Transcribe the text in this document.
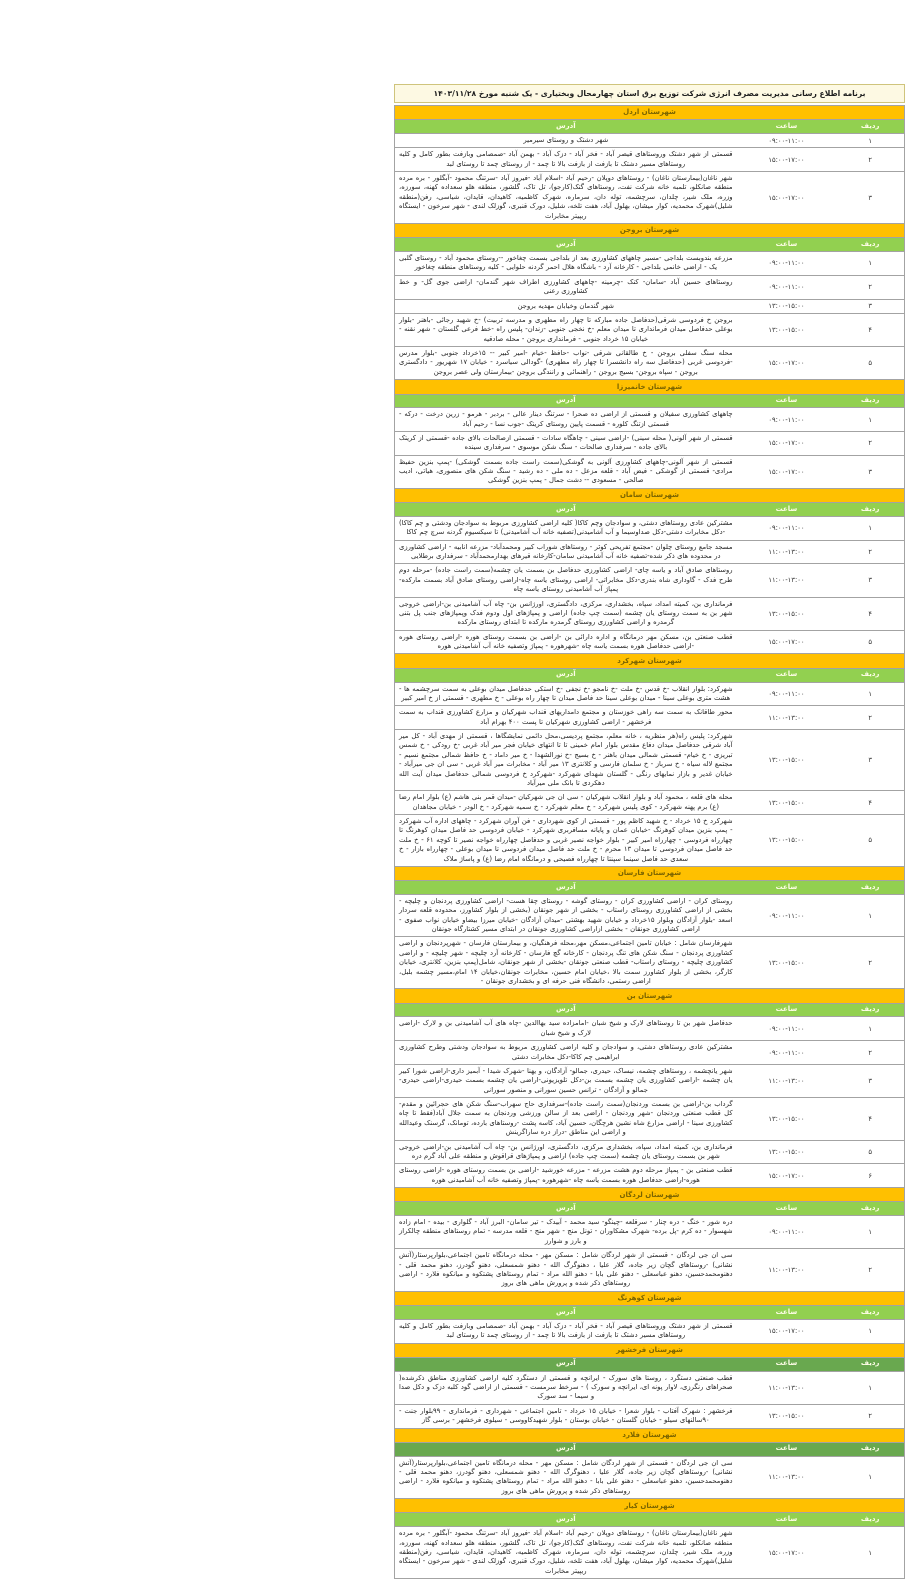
برنامه اطلاع رسانی مدیریت مصرف انرژی شرکت توزیع برق استان چهارمحال وبختیاری - یک شنبه مورخ ۱۴۰۳/۱۱/۲۸
شهرستان اردل
ردیف
ساعت
آدرس
۱
۰۹:۰۰-۱۱:۰۰
شهر دشتک و روستای سیرمیر
۲
۱۵:۰۰-۱۷:۰۰
قسمتی از شهر دشتک وروستاهای قیصر آباد - فخر آباد - دزک آباد - بهمن آباد -صمصامی وبازفت بطور کامل و کلیه روستاهای مسیر دشتک تا بازفت از بازفت بالا تا چمد - از روستای چمد تا روستای لبد
۳
۱۵:۰۰-۱۷:۰۰
شهر ناغان(بیمارستان ناغان) - روستاهای دوپلان -رحیم آباد -اسلام آباد -فیروز آباد -سرتنگ محمود -آبگلور - بره مرده منطقه صانکلو، تلمبه خانه شرکت نفت، روستاهای گتک(کارجو)، تل تاک، گلشور، منطقه هلو سعداده کهنه، سورزه، وزره، ملک شیر، چلدان، سرچشمه، توله دان، سرماره، شهرک کاظمیه، کاهیدان، قایدان، شیاسی، رفن(منطقه شلیل)شهرک محمدیه، کوار میشان، بهلول آباد، هفت تلخه، شلیل، دورک قنبری، گوزلک لندی - شهر سرخون - ایستگاه ریپیتر مخابرات
شهرستان بروجن
ردیف
ساعت
آدرس
۱
۰۹:۰۰-۱۱:۰۰
مزرعه بندوبست بلداجی -مسیر چاههای کشاورزی بعد از بلداجی بسمت چغاخور --روستای محمود آباد - روستای گلبی یک - اراضی خانمی بلداجی - کارخانه آرد - باشگاه هلال احمر گردنه حلوایی - کلیه روستاهای منطقه چغاخور
۲
۰۹:۰۰-۱۱:۰۰
روستاهای حسین آباد -سامان- کنک -چرمینه -چاههای کشاورزی اطراف شهر گندمان- اراضی جوی گل- و خط کشاورزی رعنی
۳
۱۳:۰۰-۱۵:۰۰
شهر گندمان وخیابان مهدیه بروجن
۴
۱۳:۰۰-۱۵:۰۰
بروجن خ فردوسی شرقی(حدفاصل جاده مبارکه تا چهار راه مطهری و مدرسه تربیت) -خ شهید رجائی -باهنر -بلوار بوعلی حدفاصل میدان فرمانداری تا میدان معلم -خ نخجی جنوبی -زندان- پلیس راه -خط فرعی گلستان - شهر نقنه - خیابان ۱۵ خرداد جنوبی - فرمانداری بروجن - محله صادقیه
۵
۱۵:۰۰-۱۷:۰۰
محله سنگ سفلی بروجن - خ طالقانی شرقی -نواب -حافظ -خیام -امیر کبیر -- ۱۵خرداد جنوبی -بلوار مدرس -فردوسی غربی (حدفاصل سه راه دانشسرا تا چهار راه مطهری) -گودالی سیاسرد - خیابان ۱۷ شهریور - دادگستری بروجن - سپاه بروجن- بسیج بروجن - راهنمائی و رانندگی بروجن -بیمارستان ولی عصر بروجن
شهرستان خانمیرزا
ردیف
ساعت
آدرس
۱
۰۹:۰۰-۱۱:۰۰
چاههای کشاورزی سفیلان و قسمتی از اراضی ده صحرا - سرتنگ دینار عالی - بردبر - هرمو - زرین درخت - درکه - قسمتی ازتنگ کلوره - قسمت پایین روستای کریتک -جوب نسا - رحیم آباد
۲
۱۵:۰۰-۱۷:۰۰
قسمتی از شهر آلونی( محله سینی) -اراضی سینی - چاهگاه سادات - قسمتی ازصالحات بالای جاده -قسمتی از کریتک بالای جاده - سرفداری صالحات - سنگ شکن موسوی - سرفداری سینده
۳
۱۵:۰۰-۱۷:۰۰
قسمتی از شهر آلونی-چاههای کشاورزی آلونی به گوشکی(سمت راست جاده بسمت گوشکی) -پمپ بنزین حفیظ مرادی- قسمتی از گوشکی - فیض آباد - قلعه مزعل - ده ملی - ده رشید - سنگ شکن های منصوری، هیاتی، ادیب صالحی - مسعودی -- دشت جمال - پمپ بنزین گوشکی
شهرستان سامان
ردیف
ساعت
آدرس
۱
۰۹:۰۰-۱۱:۰۰
مشترکین عادی روستاهای دشتی، و سوادجان وچم کاکا( کلیه اراضی کشاورزی مربوط به سوادجان ودشتی و چم کاکا) -دکل مخابرات دشتی-دکل صداوسیما و آب آشامیدنی(تصفیه خانه آب آشامیدنی) تا سیکسیوم گردنه سرچ چم کاکا
۲
۱۱:۰۰-۱۳:۰۰
مسجد جامع روستای چلوان -مجتمع تفریحی کوثر - روستاهای شوراب کبیر ومحمدآباد- مزرعه انابیه - اراضی کشاورزی در محدوده های ذکر شده-تصفیه خانه آب آشامیدنی سامان-کارخانه قیرهای بهدارمحمدآباد - سرفداری برطلایی
۳
۱۱:۰۰-۱۳:۰۰
روستاهای صادق آباد و یاسه چای- اراضی کشاورزی حدفاصل بن بسمت یان چشمه(سمت راست جاده) -مرحله دوم طرح فدک - گاوداری شاه بندری-دکل مخابراتی- اراضی روستای یاسه چاه-اراضی روستای صادق آباد بسمت مارکده- پمپاژ آب آشامیدنی روستای یاسه چاه
۴
۱۳:۰۰-۱۵:۰۰
فرمانداری بن، کمیته امداد، سپاه، بخشداری، مرکزی، دادگستری، اورژانس بن- چاه آب آشامیدنی بن-اراضی خروجی شهر بن به سمت روستای یان چشمه (سمت چپ جاده) اراضی و پمپاژهای اول ودوم فدک وپمپاژهای جنب پل بتنی گرمدره و اراضی کشاورزی روستای گرمدره مارکده تا ابتدای روستای مارکده
۵
۱۵:۰۰-۱۷:۰۰
قطب صنعتی بن، مسکن مهر درمانگاه و اداره دارائی بن -اراضی بن بسمت روستای هوره -اراضی روستای هوره -اراضی حدفاصل هوره بسمت یاسه چاه -شهرهوره - پمپاژ وتصفیه خانه آب آشامیدنی هوره
شهرستان شهرکرد
ردیف
ساعت
آدرس
۱
۰۹:۰۰-۱۱:۰۰
شهرکرد: بلوار انقلاب -خ قدس -خ ملت -خ نامجو -خ نجفی -خ استکی حدفاصل میدان بوعلی به سمت سرچشمه ها - هشت متری بوعلی سینا - میدان بوعلی سینا حد فاصل میدان تا چهار راه بوعلی - خ مطهری - قسمتی از خ امیر کبیر
۲
۱۱:۰۰-۱۳:۰۰
محور طاقانک به سمت سه راهی خوزستان و مجتمع دامداریهای قنداب شهرکیان و مزارع کشاورزی قنداب به سمت فرخشهر - اراضی کشاورزی شهرکیان تا پست ۴۰۰ بهرام آباد
۳
۱۳:۰۰-۱۵:۰۰
شهرکرد: پلیس راه(هر منظریه ، خانه معلم، مجتمع پردیسی،محل دائمی نمایشگاها ، قسمتی از مهدی آباد - کل میر آباد شرقی حدفاصل میدان دفاع مقدس بلوار امام خمینی تا تا انتهای خیابان فجر میر آباد غربی -خ رودکی - خ شمس تبریزی - خ خیام- قسمتی شمالی میدان باهنر - خ بسیج -خ نورالشهدا - خ میر داماد - خ حافظ شمالی مجتمع نسیم - مجتمع لاله سیاه - خ سرباز - خ سلمان فارسی و کلانتری ۱۳ میر آباد - مخابرات میر آباد غربی - سی ان جی میرآباد - خیابان غدیر و بازار نمایهای رنگی - گلستان شهدای شهرکرد -شهرکرد خ فردوسی شمالی حدفاصل میدان آیت الله دهکردی تا بانک ملی میرآباد
۴
۱۳:۰۰-۱۵:۰۰
محله های قلعه ، محمود آباد و بلوار انقلاب شهرکیان - سی ان جی شهرکیان -میدان قمر بنی هاشم (ع) بلوار امام رضا (ع) برم پهنه شهرکرد - کوی پلیس شهرکرد - خ معلم شهرکرد - خ سمیه شهرکرد - خ الودر - خیابان مجاهدان
۵
۱۳:۰۰-۱۵:۰۰
شهرکرد خ ۱۵ خرداد - خ شهید کاظم پور - قسمتی از کوی شهرداری - فن آوران شهرکرد - چاههای اداره آب شهرکرد - پمپ بنزین میدان کوهرنگ -خیابان عمان و پایانه مسافربری شهرکرد - خیابان فردوسی حد فاصل میدان کوهرنگ تا چهارراه فردوسی - چهارراه امیر کبیر - بلوار خواجه نصیر غربی و حدفاصل چهارراه خواجه نصیر تا کوچه ۶۱ - خ ملت حد فاصل میدان فردوسی تا میدان ۱۳ محرم - خ ملت حد فاصل میدان فردوسی تا میدان بوعلی - چهارراه بازار - خ سعدی حد فاصل سینما سپنتا تا چهارراه فصیحی و درمانگاه امام رضا (ع) و پاساژ ملاک
شهرستان فارسان
ردیف
ساعت
آدرس
۱
۰۹:۰۰-۱۱:۰۰
روستای کران - اراضی کشاورزی کران - روستای گوشه - روستای چقا هست- اراضی کشاورزی پردنجان و چلیچه - بخشی از اراضی کشاورزی روستای راستاب - بخشی از شهر جونقان (بخشی از بلوار کشاورز، محدوده قلعه سردار اسعد -بلوار آزادگان وبلوار ۱۵خرداد و خیابان شهید بهشتی -میدان آزادگان -خیابان میرزا بیضاو خیابان نواب صفوی - اراضی کشاورزی جونقان - بخشی ازاراضی کشاورزی جونقان در ابتدای مسیر کشتارگاه جونقان
۲
۱۳:۰۰-۱۵:۰۰
شهرفارسان شامل : خیابان تامین اجتماعی،مسکن مهر،محله فرهنگیان، و بیمارستان فارسان - شهرپردنجان و اراضی کشاورزی پردنجان - سنگ شکن های تنگ پردنجان - کارخانه گچ فارسان - کارخانه آرد چلیچه - شهر چلیچه - و اراضی کشاورزی چلیچه - روستای راستاب- قطب صنعتی جونقان -بخشی از شهر جونقان، شامل(پمپ بنزین، کلانتری، خیابان کارگر، بخشی از بلوار کشاورز سمت بالا ،خیابان امام حسین، مخابرات جونقان،خیابان ۱۴ امام،مسیر چشمه بلبل، اراضی رستمی، دانشگاه فنی حرفه ای و بخشداری جونقان -
شهرستان بن
ردیف
ساعت
آدرس
۱
۰۹:۰۰-۱۱:۰۰
حدفاصل شهر بن تا روستاهای لارک و شیخ شبان -امامزاده سید بهاالدین -چاه های آب آشامیدنی بن و لارک -اراضی لارک و شیخ شبان
۲
۰۹:۰۰-۱۱:۰۰
مشترکین عادی روستاهای دشتی، و سوادجان و کلیه اراضی کشاورزی مربوط به سوادجان ودشتی وطرح کشاورزی ابراهیمی چم کاکا-دکل مخابرات دشتی
۳
۱۱:۰۰-۱۳:۰۰
شهر یانچشمه ، روستاهای چشمه، نیساک، حیدری، جمالو- آزادگان، و یهنا -شهرک شیدا - آبمیز داری-اراضی شورا کبیر یان چشمه -اراضی کشاورزی یان چشمه بسمت بن-دکل تلویزیونی-اراضی یان چشمه بسمت حیدری-اراضی حیدری- جمالو و آزادگان - ترانس حسین سورانی و منصور سورانی
۴
۱۳:۰۰-۱۵:۰۰
گرداب بن-اراضی بن بسمت وردنجان(سمت راست جاده)-سرفداری حاج سهراب-سنگ شکن های حجرائین و مقدم- کل قطب صنعتی وردنجان -شهر وردنجان - اراضی بعد از سالن ورزشی وردنجان به سمت جلال آباد(فقط تا چاه کشاورزی سینا - اراضی مزارع شاه نشین هرچگان، حسین آباد، کاسه پشت -روستاهای بارده، تومانک، گرسنک وعیدالله و اراضی این مناطق -دراز دره ساراگرینش
۵
۱۳:۰۰-۱۵:۰۰
فرمانداری بن، کمیته امداد، سپاه، بخشداری مرکزی، دادگستری، اورژانس بن- چاه آب آشامیدنی بن-اراضی خروجی شهر بن بسمت روستای یان چشمه (سمت چپ جاده) اراضی و پمپاژهای قراقوش و منطقه علی آباد گرم دره
۶
۱۵:۰۰-۱۷:۰۰
قطب صنعتی بن - پمپاژ مرحله دوم هشت مزرعه - مزرعه خورشید -اراضی بن بسمت روستای هوره -اراضی روستای هوره-اراضی حدفاصل هوره بسمت یاسه چاه -شهرهوره -پمپاژ وتصفیه خانه آب آشامیدنی هوره
شهرستان لردگان
ردیف
ساعت
آدرس
۱
۰۹:۰۰-۱۱:۰۰
دره شور - خنگ - دره چنار - سرقلعه -چینگو- سید محمد - آبیدک - تیر سامان- البرز آباد - گلواری - بیده - امام زاده شهسوار - ده کرم -پل برده- شهرک مشکاوران - تونل منج - شهر منج - قلعه مدرسه - تمام روستاهای منطقه چالکراز و بارز و شوارز
۲
۱۱:۰۰-۱۳:۰۰
سی ان جی لردگان - قسمتی از شهر لردگان شامل : مسکن مهر - محله درمانگاه تامین اجتماعی،بلوارپرستار(آتش نشانی) -روستاهای گچان زیر جاده، گلار علیا ، دهنوگرگ الله - دهنو شمسعلی، دهنو گودرز، دهنو محمد قلی - دهنومحمدحسین، دهنو عباسعلی - دهنو علی بابا - دهنو الله مراد - تمام روستاهای پشتکوه و میانکوه فلارد - اراضی روستاهای ذکر شده و پرورش ماهی های بروز
شهرستان کوهرنگ
ردیف
ساعت
آدرس
۱
۱۵:۰۰-۱۷:۰۰
قسمتی از شهر دشتک وروستاهای قیصر آباد - فخر آباد - دزک آباد - بهمن آباد -صمصامی وبازفت بطور کامل و کلیه روستاهای مسیر دشتک تا بازفت از بازفت بالا تا چمد - از روستای چمد تا روستای لبد
شهرستان فرخشهر
ردیف
ساعت
آدرس
۱
۱۱:۰۰-۱۳:۰۰
قطب صنعتی دستگرد ، روستا های سورک - ایرانچه و قسمتی از دستگرد کلیه اراضی کشاورزی مناطق ذکرشده( صحراهای رنگرزی، لاوار پونه ای، ایرانچه و سورک ) - سرخط سرمست - قسمتی از اراضی گود کلبه دزک و دکل صدا و سیما - سد سورک
۲
۱۳:۰۰-۱۵:۰۰
فرخشهر : شهرک آفتاب - بلوار شعرا - خیابان ۱۵ خرداد - تامین اجتماعی - شهرداری - فرمانداری - ۹۹بلوار جنت - ۹۰سالنهای سیلو - خیابان گلستان - خیابان بوستان - بلوار شهیدکاووسی - سیلوی فرخشهر - برسی گاز
شهرستان فلارد
ردیف
ساعت
آدرس
۱
۱۱:۰۰-۱۳:۰۰
سی ان جی لردگان - قسمتی از شهر لردگان شامل : مسکن مهر - محله درمانگاه تامین اجتماعی،بلوارپرستار(آتش نشانی) -روستاهای گچان زیر جاده، گلار علیا ، دهنوگرگ الله - دهنو شمسعلی، دهنو گودرز، دهنو محمد قلی - دهنومحمدحسین، دهنو عباسعلی - دهنو علی بابا - دهنو الله مراد - تمام روستاهای پشتکوه و میانکوه فلارد - اراضی روستاهای ذکر شده و پرورش ماهی های بروز
شهرستان کیار
ردیف
ساعت
آدرس
۱
۱۵:۰۰-۱۷:۰۰
شهر ناغان(بیمارستان ناغان) - روستاهای دوپلان -رحیم آباد -اسلام آباد -فیروز آباد -سرتنگ محمود -آبگلور - بره مرده منطقه صانکلو، تلمبه خانه شرکت نفت، روستاهای گتک(کارجو)، تل تاک، گلشور، منطقه هلو سعداده کهنه، سورزه، وزره، ملک شیر، چلدان، سرچشمه، توله دان، سرماره، شهرک کاظمیه، کاهیدان، قایدان، شیاسی، رفن(منطقه شلیل)شهرک محمدیه، کوار میشان، بهلول آباد، هفت تلخه، شلیل، دورک قنبری، گوزلک لندی - شهر سرخون - ایستگاه ریپیتر مخابرات
